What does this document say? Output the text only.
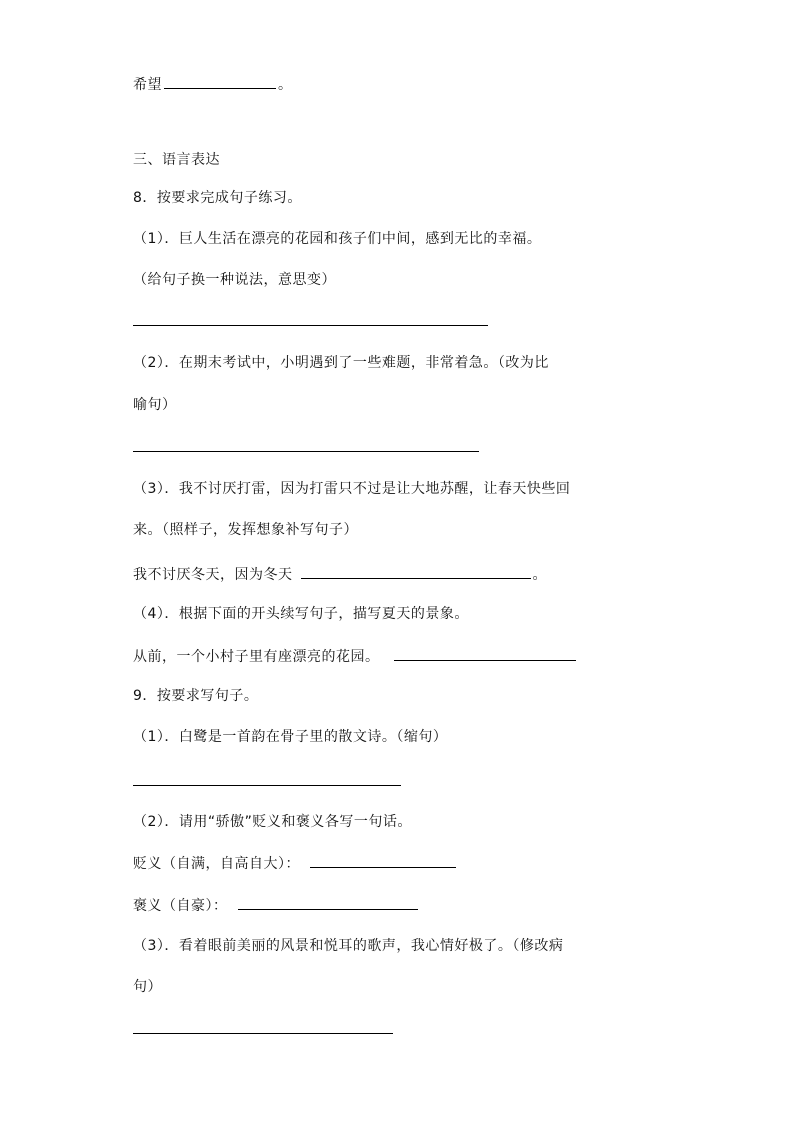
希望	。
三、语言表达
8．按要求完成句子练习。
（1）．巨人生活在漂亮的花园和孩子们中间，感到无比的幸福。
（给句子换一种说法，意思变）
（2）．在期末考试中，小明遇到了一些难题，非常着急。（改为比
喻句）
（3）．我不讨厌打雷，因为打雷只不过是让大地苏醒，让春天快些回
来。（照样子，发挥想象补写句子）
我不讨厌冬天，因为冬天	。
（4）．根据下面的开头续写句子，描写夏天的景象。
从前，一个小村子里有座漂亮的花园。
9．按要求写句子。
（1）．白鹭是一首韵在骨子里的散文诗。（缩句）
（2）．请用“骄傲”贬义和褒义各写一句话。
贬义（自满，自高自大）：
褒义（自豪）：
（3）．看着眼前美丽的风景和悦耳的歌声，我心情好极了。（修改病
句）
